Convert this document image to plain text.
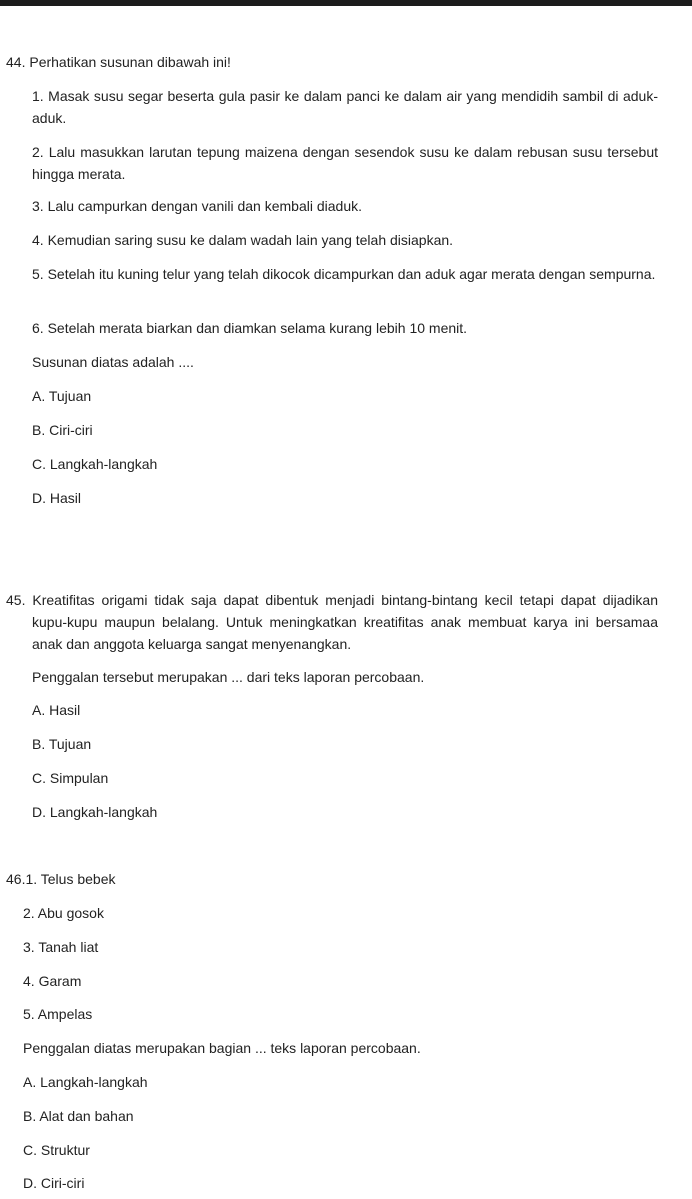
44. Perhatikan susunan dibawah ini!
1. Masak susu segar beserta gula pasir ke dalam panci ke dalam air yang mendidih sambil di aduk-aduk.
2. Lalu masukkan larutan tepung maizena dengan sesendok susu ke dalam rebusan susu tersebut hingga merata.
3. Lalu campurkan dengan vanili dan kembali diaduk.
4. Kemudian saring susu ke dalam wadah lain yang telah disiapkan.
5. Setelah itu kuning telur yang telah dikocok dicampurkan dan aduk agar merata dengan sempurna.
6. Setelah merata biarkan dan diamkan selama kurang lebih 10 menit.
Susunan diatas adalah ....
A. Tujuan
B. Ciri-ciri
C. Langkah-langkah
D. Hasil
45. Kreatifitas origami tidak saja dapat dibentuk menjadi bintang-bintang kecil tetapi dapat dijadikan kupu-kupu maupun belalang. Untuk meningkatkan kreatifitas anak membuat karya ini bersamaa anak dan anggota keluarga sangat menyenangkan.
Penggalan tersebut merupakan ... dari teks laporan percobaan.
A. Hasil
B. Tujuan
C. Simpulan
D. Langkah-langkah
46.1. Telus bebek
2. Abu gosok
3. Tanah liat
4. Garam
5. Ampelas
Penggalan diatas merupakan bagian ... teks laporan percobaan.
A. Langkah-langkah
B. Alat dan bahan
C. Struktur
D. Ciri-ciri
